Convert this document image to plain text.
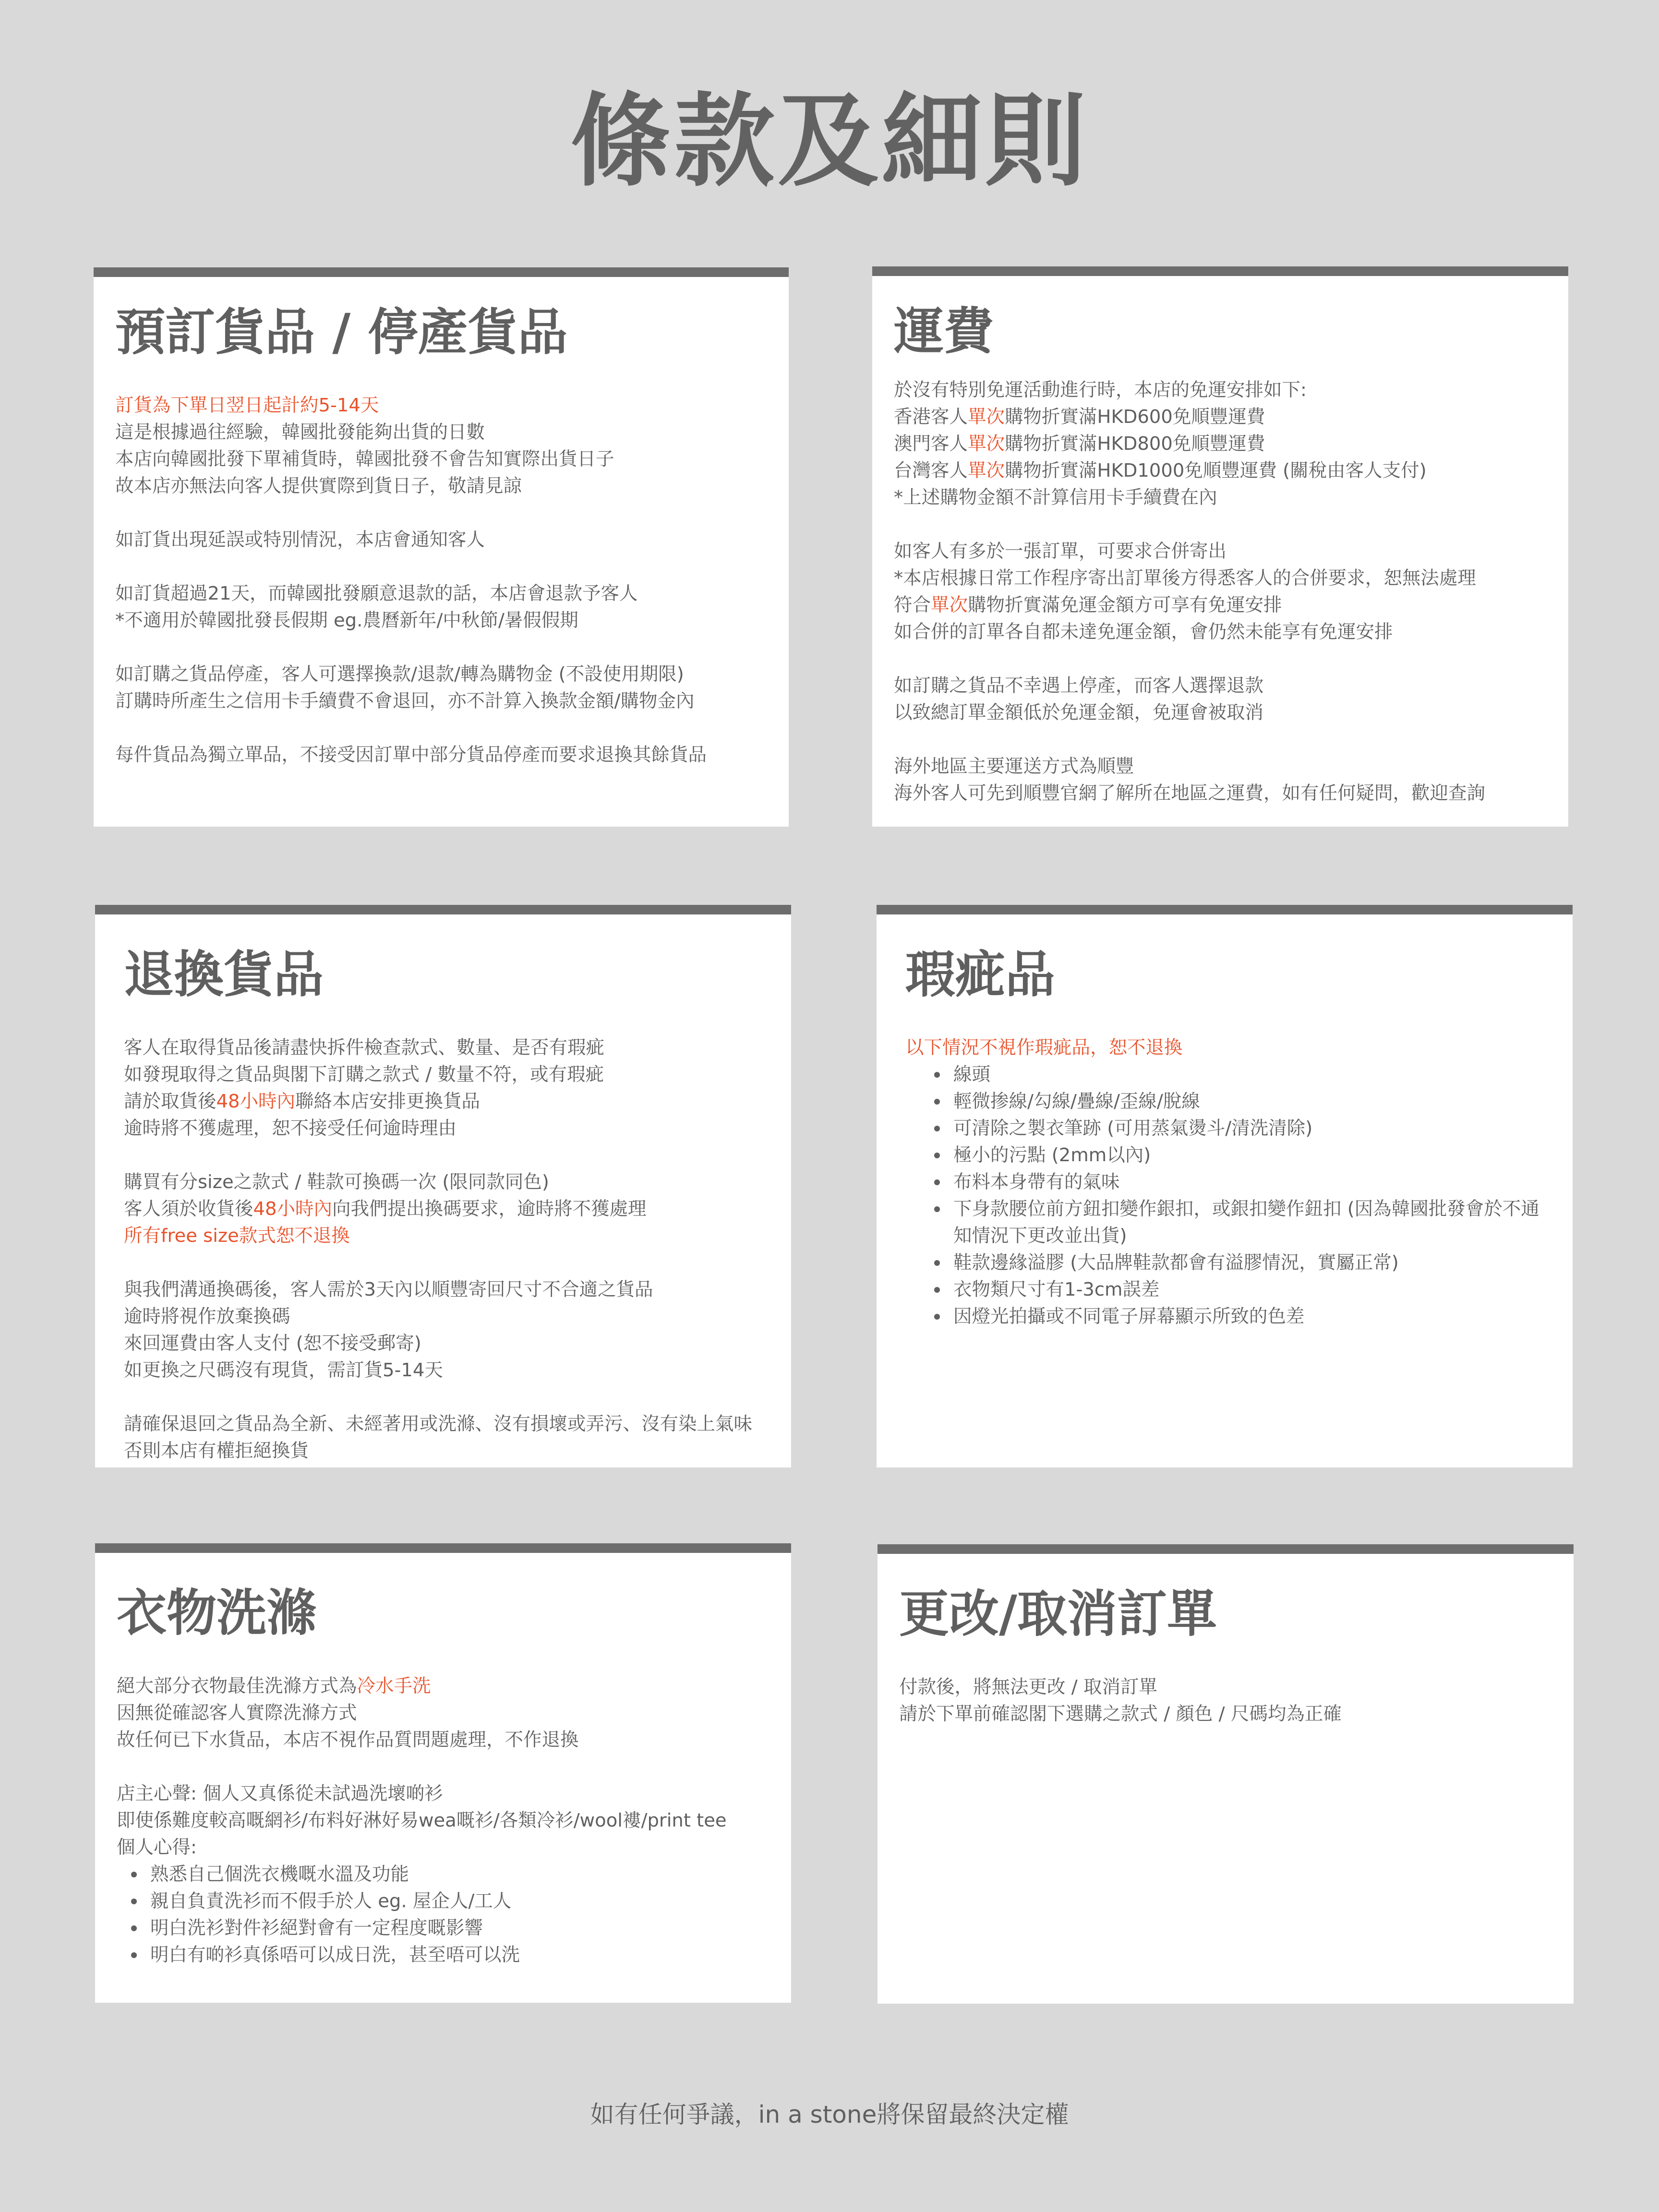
條款及細則
預訂貨品 / 停產貨品
訂貨為下單日翌日起計約5-14天
這是根據過往經驗，韓國批發能夠出貨的日數
本店向韓國批發下單補貨時，韓國批發不會告知實際出貨日子
故本店亦無法向客人提供實際到貨日子，敬請見諒
如訂貨出現延誤或特別情況，本店會通知客人
如訂貨超過21天，而韓國批發願意退款的話，本店會退款予客人
*不適用於韓國批發長假期 eg.農曆新年/中秋節/暑假假期
如訂購之貨品停產，客人可選擇換款/退款/轉為購物金 (不設使用期限)
訂購時所產生之信用卡手續費不會退回，亦不計算入換款金額/購物金內
每件貨品為獨立單品，不接受因訂單中部分貨品停產而要求退換其餘貨品
運費
於沒有特別免運活動進行時，本店的免運安排如下:
香港客人單次購物折實滿HKD600免順豐運費
澳門客人單次購物折實滿HKD800免順豐運費
台灣客人單次購物折實滿HKD1000免順豐運費 (關稅由客人支付)
*上述購物金額不計算信用卡手續費在內
如客人有多於一張訂單，可要求合併寄出
*本店根據日常工作程序寄出訂單後方得悉客人的合併要求，恕無法處理
符合單次購物折實滿免運金額方可享有免運安排
如合併的訂單各自都未達免運金額，會仍然未能享有免運安排
如訂購之貨品不幸遇上停產，而客人選擇退款
以致總訂單金額低於免運金額，免運會被取消
海外地區主要運送方式為順豐
海外客人可先到順豐官網了解所在地區之運費，如有任何疑問，歡迎查詢
退換貨品
客人在取得貨品後請盡快拆件檢查款式、數量、是否有瑕疵
如發現取得之貨品與閣下訂購之款式 / 數量不符，或有瑕疵
請於取貨後48小時內聯絡本店安排更換貨品
逾時將不獲處理，恕不接受任何逾時理由
購買有分size之款式 / 鞋款可換碼一次 (限同款同色)
客人須於收貨後48小時內向我們提出換碼要求，逾時將不獲處理
所有free size款式恕不退換
與我們溝通換碼後，客人需於3天內以順豐寄回尺寸不合適之貨品
逾時將視作放棄換碼
來回運費由客人支付 (恕不接受郵寄)
如更換之尺碼沒有現貨，需訂貨5-14天
請確保退回之貨品為全新、未經著用或洗滌、沒有損壞或弄污、沒有染上氣味
否則本店有權拒絕換貨
瑕疵品
以下情況不視作瑕疵品，恕不退換
線頭
輕微掺線/勾線/疊線/歪線/脫線
可清除之製衣筆跡 (可用蒸氣燙斗/清洗清除)
極小的污點 (2mm以內)
布料本身帶有的氣味
下身款腰位前方鈕扣變作銀扣，或銀扣變作鈕扣 (因為韓國批發會於不通
知情況下更改並出貨)
鞋款邊緣溢膠 (大品牌鞋款都會有溢膠情況，實屬正常)
衣物類尺寸有1-3cm誤差
因燈光拍攝或不同電子屏幕顯示所致的色差
衣物洗滌
絕大部分衣物最佳洗滌方式為冷水手洗
因無從確認客人實際洗滌方式
故任何已下水貨品，本店不視作品質問題處理，不作退換
店主心聲: 個人又真係從未試過洗壞啲衫
即使係難度較高嘅網衫/布料好淋好易wea嘅衫/各類冷衫/wool褸/print tee
個人心得:
熟悉自己個洗衣機嘅水溫及功能
親自負責洗衫而不假手於人 eg. 屋企人/工人
明白洗衫對件衫絕對會有一定程度嘅影響
明白有啲衫真係唔可以成日洗，甚至唔可以洗
更改/取消訂單
付款後，將無法更改 / 取消訂單
請於下單前確認閣下選購之款式 / 顏色 / 尺碼均為正確
如有任何爭議，in a stone將保留最終決定權
